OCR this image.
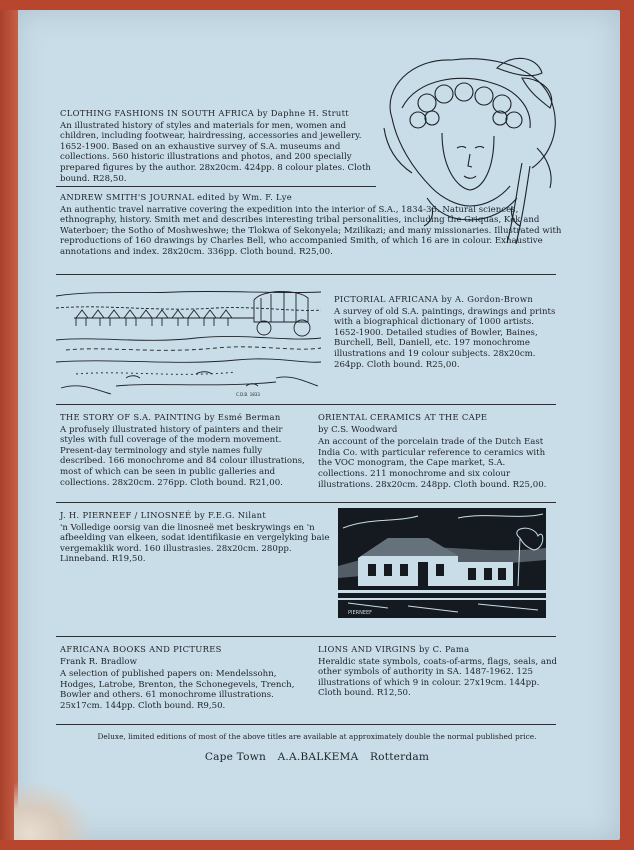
CLOTHING FASHIONS IN SOUTH AFRICA by Daphne H. Strutt
An illustrated history of styles and materials for men, women and children, including footwear, hairdressing, accessories and jewellery. 1652-1900. Based on an exhaustive survey of S.A. museums and collections. 560 historic illustrations and photos, and 200 specially prepared figures by the author. 28x20cm. 424pp. 8 colour plates. Cloth bound. R28,50.
ANDREW SMITH'S JOURNAL edited by Wm. F. Lye
An authentic travel narrative covering the expedition into the interior of S.A., 1834-36. Natural sciences, ethnography, history. Smith met and describes interesting tribal personalities, including the Griquas, Kok and Waterboer; the Sotho of Moshweshwe; the Tlokwa of Sekonyela; Mzilikazi; and many missionaries. Illustrated with reproductions of 160 drawings by Charles Bell, who accompanied Smith, of which 16 are in colour. Exhaustive annotations and index. 28x20cm. 336pp. Cloth bound. R25,00.
C.D.B. 1833
PICTORIAL AFRICANA by A. Gordon-Brown
A survey of old S.A. paintings, drawings and prints with a biographical dictionary of 1000 artists. 1652-1900. Detailed studies of Bowler, Baines, Burchell, Bell, Daniell, etc. 197 monochrome illustrations and 19 colour subjects. 28x20cm. 264pp. Cloth bound. R25,00.
THE STORY OF S.A. PAINTING by Esmé Berman
A profusely illustrated history of painters and their styles with full coverage of the modern movement. Present-day terminology and style names fully described. 166 monochrome and 84 colour illustrations, most of which can be seen in public galleries and collections. 28x20cm. 276pp. Cloth bound. R21,00.
ORIENTAL CERAMICS AT THE CAPE
by C.S. Woodward
An account of the porcelain trade of the Dutch East India Co. with particular reference to ceramics with the VOC monogram, the Cape market, S.A. collections. 211 monochrome and six colour illustrations. 28x20cm. 248pp. Cloth bound. R25,00.
J. H. PIERNEEF / LINOSNEÉ by F.E.G. Nilant
'n Volledige oorsig van die linosneë met beskrywings en 'n afbeelding van elkeen, sodat identifikasie en vergelyking baie vergemaklik word. 160 illustrasies. 28x20cm. 280pp. Linneband. R19,50.
PIERNEEF
AFRICANA BOOKS AND PICTURES
Frank R. Bradlow
A selection of published papers on: Mendelssohn, Hodges, Latrobe, Brenton, the Schonegevels, Trench, Bowler and others. 61 monochrome illustrations. 25x17cm. 144pp. Cloth bound. R9,50.
LIONS AND VIRGINS by C. Pama
Heraldic state symbols, coats-of-arms, flags, seals, and other symbols of authority in SA. 1487-1962. 125 illustrations of which 9 in colour. 27x19cm. 144pp. Cloth bound. R12,50.
Deluxe, limited editions of most of the above titles are available at approximately double the normal published price.
Cape Town A.A.BALKEMA Rotterdam
